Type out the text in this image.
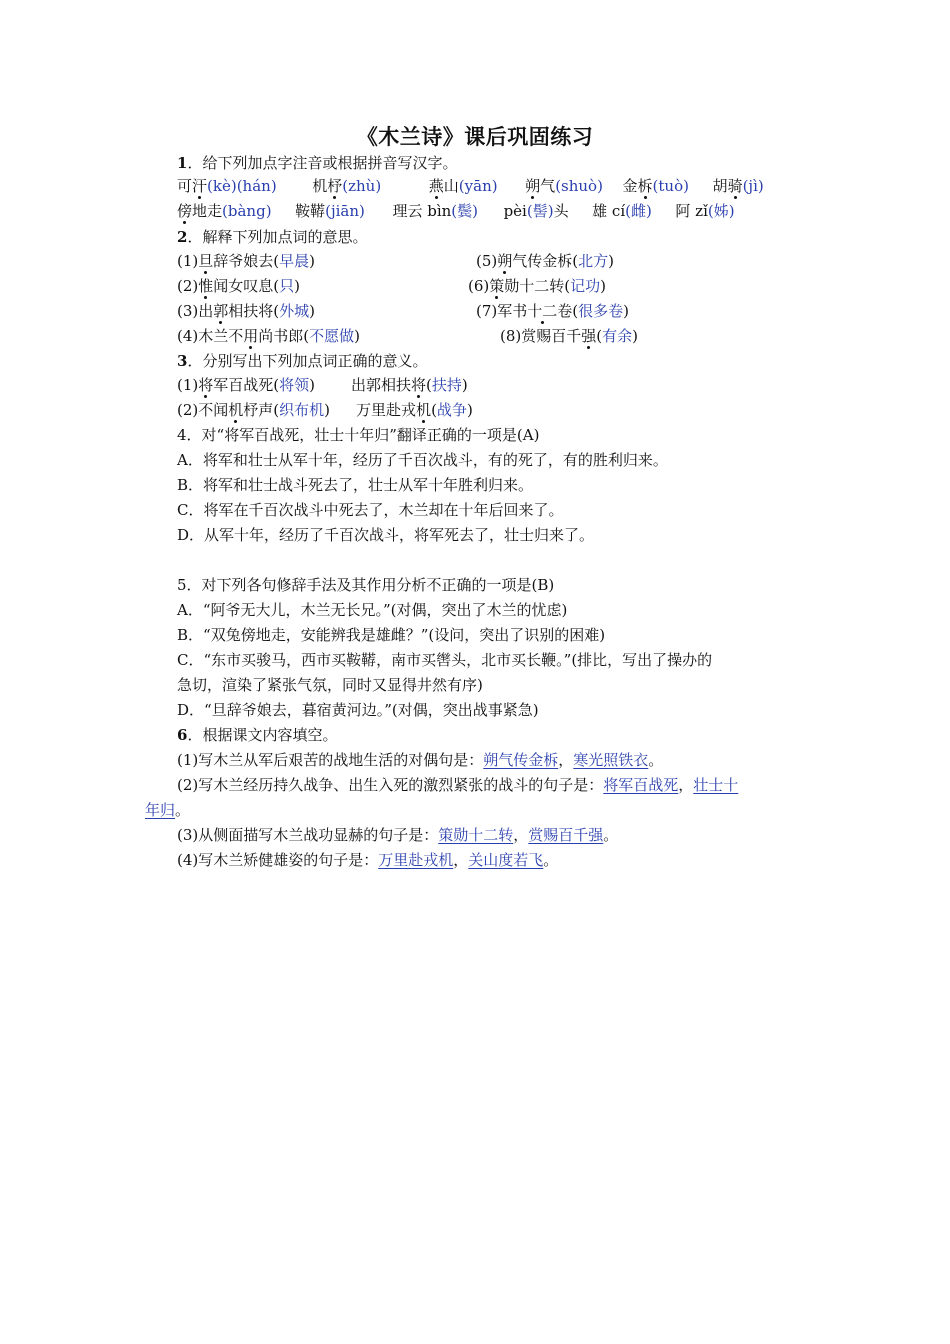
《木兰诗》课后巩固练习
1．给下列加点字注音或根据拼音写汉字。
可汗(kè)(hán) 机杼(zhù)	燕山(yān) 朔气(shuò) 金柝(tuò) 胡骑(jì)
傍地走(bàng) 鞍鞯(jiān) 理云 bìn(鬓) pèi(髻)头 雄 cí(雌) 阿 zǐ(姊)
2．解释下列加点词的意思。
(1)旦辞爷娘去(早晨)	(5)朔气传金柝(北方)
(2)惟闻女叹息(只)	(6)策勋十二转(记功)
(3)出郭相扶将(外城)	(7)军书十二卷(很多卷)
(4)木兰不用尚书郎(不愿做)	(8)赏赐百千强(有余)
3．分别写出下列加点词正确的意义。
(1)将军百战死(将领) 出郭相扶将(扶持)
(2)不闻机杼声(织布机) 万里赴戎机(战争)
4．对“将军百战死，壮士十年归”翻译正确的一项是(A)
A．将军和壮士从军十年，经历了千百次战斗，有的死了，有的胜利归来。
B．将军和壮士战斗死去了，壮士从军十年胜利归来。
C．将军在千百次战斗中死去了，木兰却在十年后回来了。
D．从军十年，经历了千百次战斗，将军死去了，壮士归来了。
5．对下列各句修辞手法及其作用分析不正确的一项是(B)
A．“阿爷无大儿，木兰无长兄。”(对偶，突出了木兰的忧虑)
B．“双兔傍地走，安能辨我是雄雌？”(设问，突出了识别的困难)
C．“东市买骏马，西市买鞍鞯，南市买辔头，北市买长鞭。”(排比，写出了操办的
急切，渲染了紧张气氛，同时又显得井然有序)
D．“旦辞爷娘去，暮宿黄河边。”(对偶，突出战事紧急)
6．根据课文内容填空。
(1)写木兰从军后艰苦的战地生活的对偶句是：朔气传金柝，寒光照铁衣。
(2)写木兰经历持久战争、出生入死的激烈紧张的战斗的句子是：将军百战死，壮士十
年归。
(3)从侧面描写木兰战功显赫的句子是：策勋十二转，赏赐百千强。
(4)写木兰矫健雄姿的句子是：万里赴戎机，关山度若飞。
